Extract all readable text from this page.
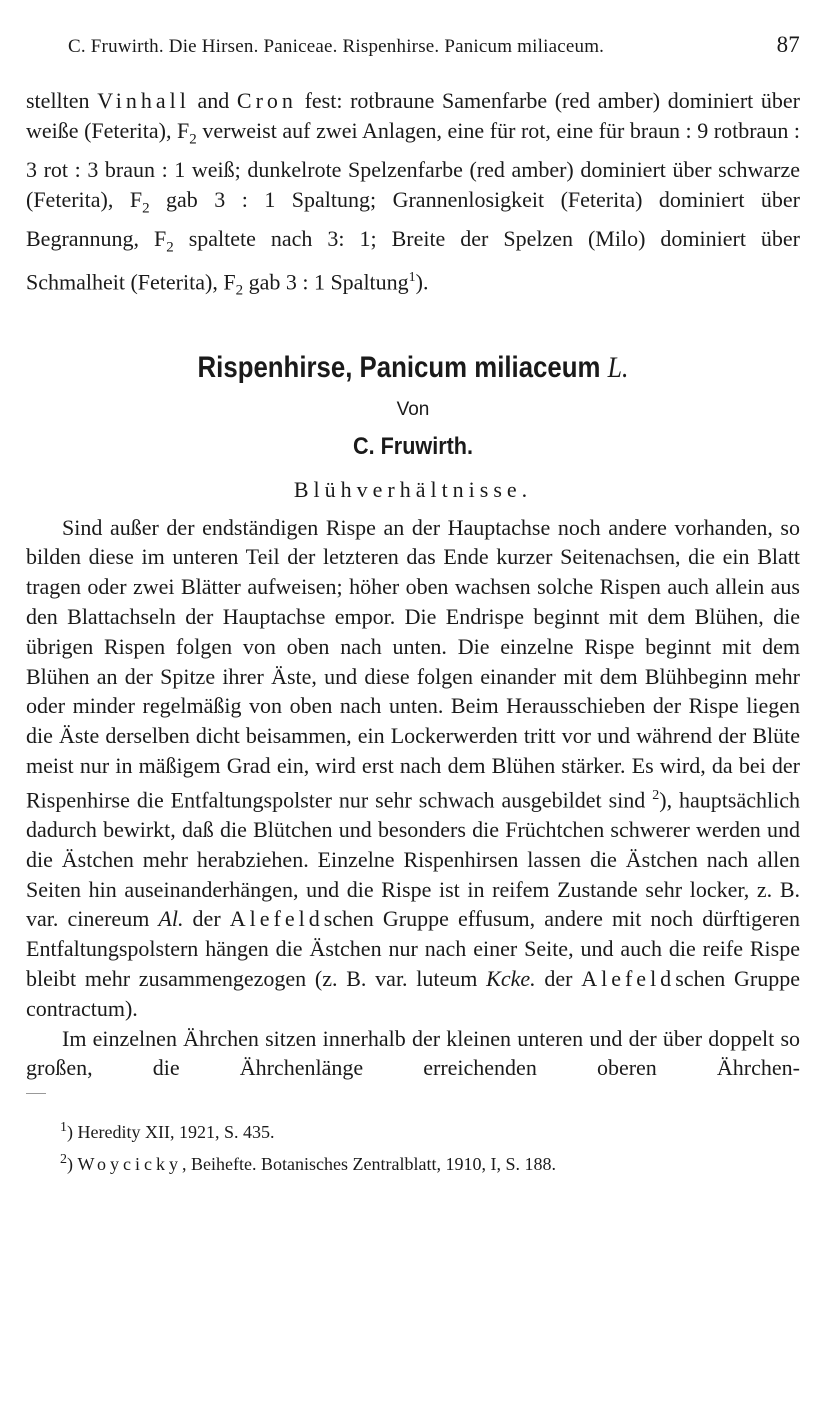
C. Fruwirth. Die Hirsen. Paniceae. Rispenhirse. Panicum miliaceum.	87

stellten Vinhall and Cron fest: rotbraune Samenfarbe (red amber) dominiert über weiße (Feterita), $F_2$ verweist auf zwei Anlagen, eine für rot, eine für braun : 9 rotbraun : 3 rot : 3 braun : 1 weiß; dunkelrote Spelzenfarbe (red amber) dominiert über schwarze (Feterita), $F_2$ gab 3 : 1 Spaltung; Grannenlosigkeit (Feterita) dominiert über Begrannung, $F_2$ spaltete nach 3: 1; Breite der Spelzen (Milo) dominiert über Schmalheit (Feterita), $F_2$ gab 3 : 1 Spaltung$^1$).

Rispenhirse, Panicum miliaceum L.
Von
C. Fruwirth.
Blühverhältnisse.

Sind außer der endständigen Rispe an der Hauptachse noch andere vorhanden, so bilden diese im unteren Teil der letzteren das Ende kurzer Seitenachsen, die ein Blatt tragen oder zwei Blätter aufweisen; höher oben wachsen solche Rispen auch allein aus den Blattachseln der Hauptachse empor. Die Endrispe beginnt mit dem Blühen, die übrigen Rispen folgen von oben nach unten. Die einzelne Rispe beginnt mit dem Blühen an der Spitze ihrer Äste, und diese folgen einander mit dem Blühbeginn mehr oder minder regelmäßig von oben nach unten. Beim Herausschieben der Rispe liegen die Äste derselben dicht beisammen, ein Lockerwerden tritt vor und während der Blüte meist nur in mäßigem Grad ein, wird erst nach dem Blühen stärker. Es wird, da bei der Rispenhirse die Entfaltungspolster nur sehr schwach ausgebildet sind $^2$), hauptsächlich dadurch bewirkt, daß die Blütchen und besonders die Früchtchen schwerer werden und die Ästchen mehr herabziehen. Einzelne Rispenhirsen lassen die Ästchen nach allen Seiten hin auseinanderhängen, und die Rispe ist in reifem Zustande sehr locker, z. B. var. cinereum Al. der Alefeldschen Gruppe effusum, andere mit noch dürftigeren Entfaltungspolstern hängen die Ästchen nur nach einer Seite, und auch die reife Rispe bleibt mehr zusammengezogen (z. B. var. luteum Kcke. der Alefeldschen Gruppe contractum).

Im einzelnen Ährchen sitzen innerhalb der kleinen unteren und der über doppelt so großen, die Ährchenlänge erreichenden oberen Ährchen-

$^1$) Heredity XII, 1921, S. 435.
$^2$) Woycicky, Beihefte. Botanisches Zentralblatt, 1910, I, S. 188.
